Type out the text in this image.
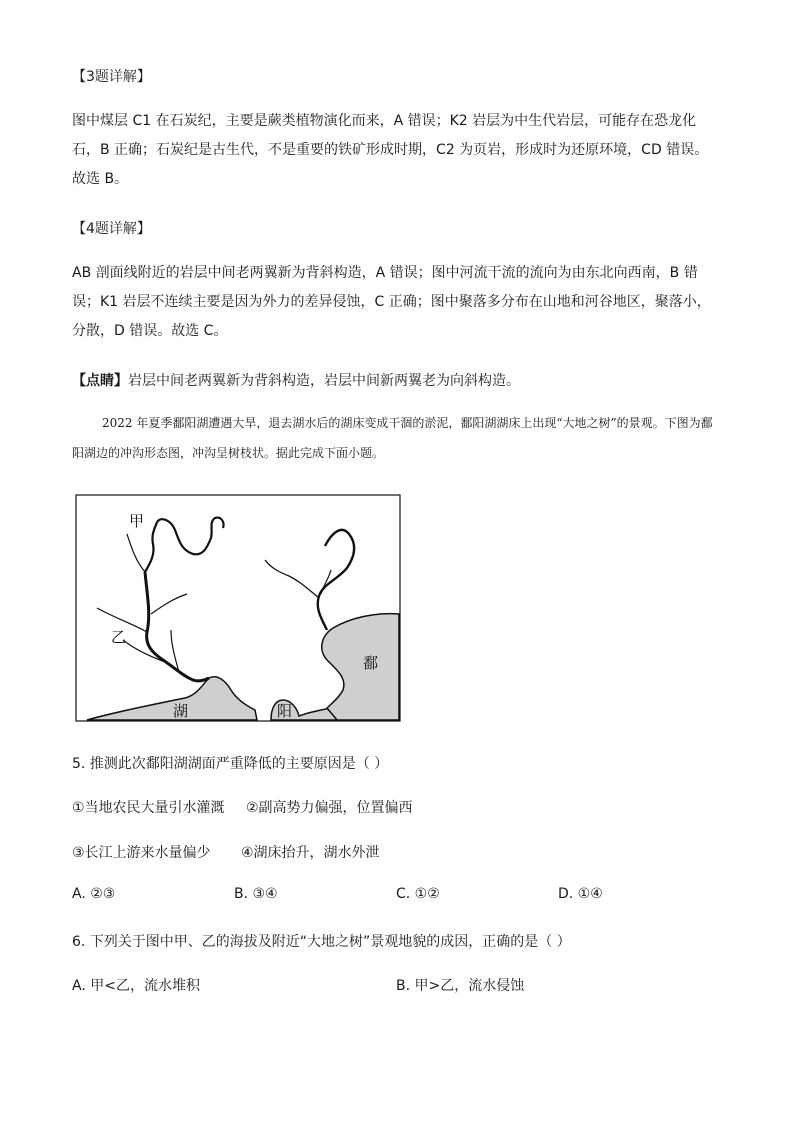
【3题详解】

图中煤层 C1 在石炭纪，主要是蕨类植物演化而来，A 错误；K2 岩层为中生代岩层，可能存在恐龙化石，B 正确；石炭纪是古生代，不是重要的铁矿形成时期，C2 为页岩，形成时为还原环境，CD 错误。故选 B。

【4题详解】

AB 剖面线附近的岩层中间老两翼新为背斜构造，A 错误；图中河流干流的流向为由东北向西南，B 错误；K1 岩层不连续主要是因为外力的差异侵蚀，C 正确；图中聚落多分布在山地和河谷地区，聚落小，分散，D 错误。故选 C。

【点睛】岩层中间老两翼新为背斜构造，岩层中间新两翼老为向斜构造。

2022 年夏季鄱阳湖遭遇大旱，退去湖水后的湖床变成干涸的淤泥，鄱阳湖湖床上出现“大地之树”的景观。下图为鄱阳湖边的冲沟形态图，冲沟呈树枝状。据此完成下面小题。

甲
乙
鄱
湖	阳

5. 推测此次鄱阳湖湖面严重降低的主要原因是（ ）

①当地农民大量引水灌溉 ②副高势力偏强，位置偏西

③长江上游来水量偏少 ④湖床抬升，湖水外泄

A. ②③	B. ③④	C. ①②	D. ①④

6. 下列关于图中甲、乙的海拔及附近“大地之树”景观地貌的成因，正确的是（ ）

A. 甲<乙，流水堆积	B. 甲>乙，流水侵蚀
